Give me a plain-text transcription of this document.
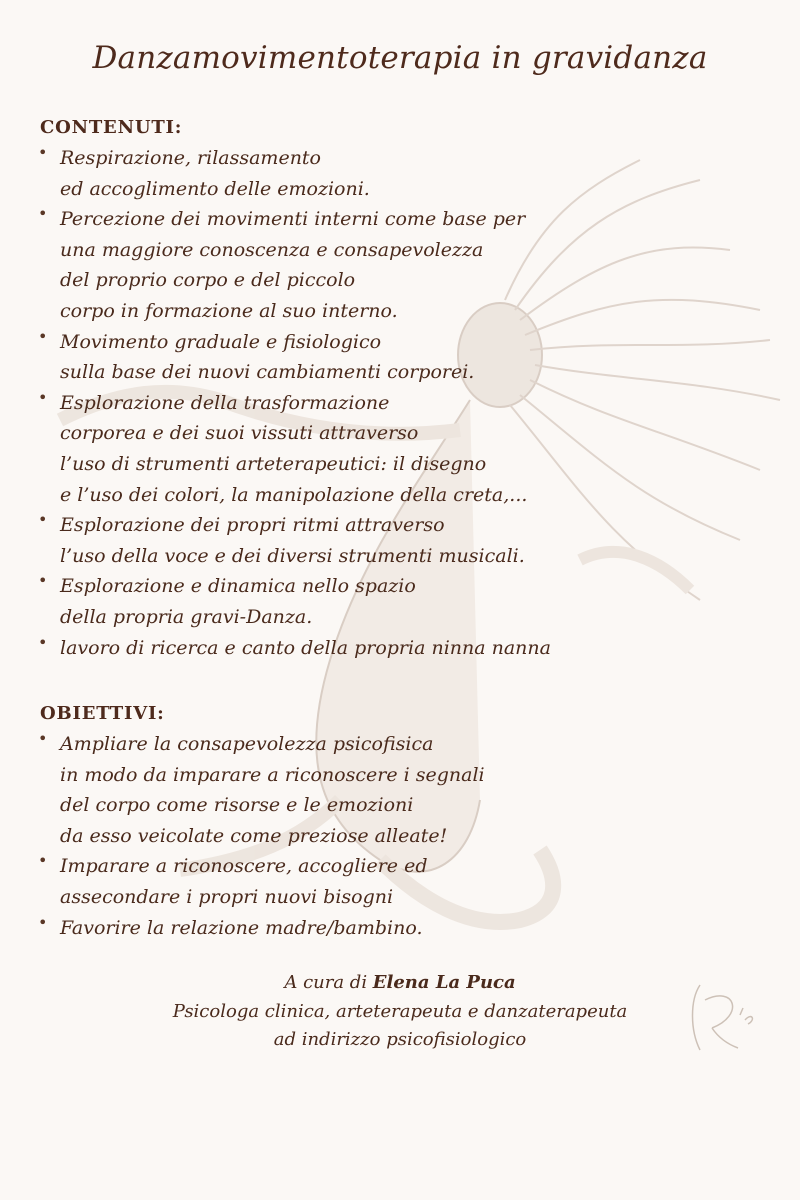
Danzamovimentoterapia in gravidanza
CONTENUTI:
• Respirazione, rilassamento
ed accoglimento delle emozioni.
• Percezione dei movimenti interni come base per
una maggiore conoscenza e consapevolezza
del proprio corpo e del piccolo
corpo in formazione al suo interno.
• Movimento graduale e fisiologico
sulla base dei nuovi cambiamenti corporei.
• Esplorazione della trasformazione
corporea e dei suoi vissuti attraverso
l’uso di strumenti arteterapeutici: il disegno
e l’uso dei colori, la manipolazione della creta,...
• Esplorazione dei propri ritmi attraverso
l’uso della voce e dei diversi strumenti musicali.
• Esplorazione e dinamica nello spazio
della propria gravi-Danza.
• lavoro di ricerca e canto della propria ninna nanna
OBIETTIVI:
• Ampliare la consapevolezza psicofisica
in modo da imparare a riconoscere i segnali
del corpo come risorse e le emozioni
da esso veicolate come preziose alleate!
• Imparare a riconoscere, accogliere ed
assecondare i propri nuovi bisogni
• Favorire la relazione madre/bambino.
A cura di Elena La Puca
Psicologa clinica, arteterapeuta e danzaterapeuta
ad indirizzo psicofisiologico
